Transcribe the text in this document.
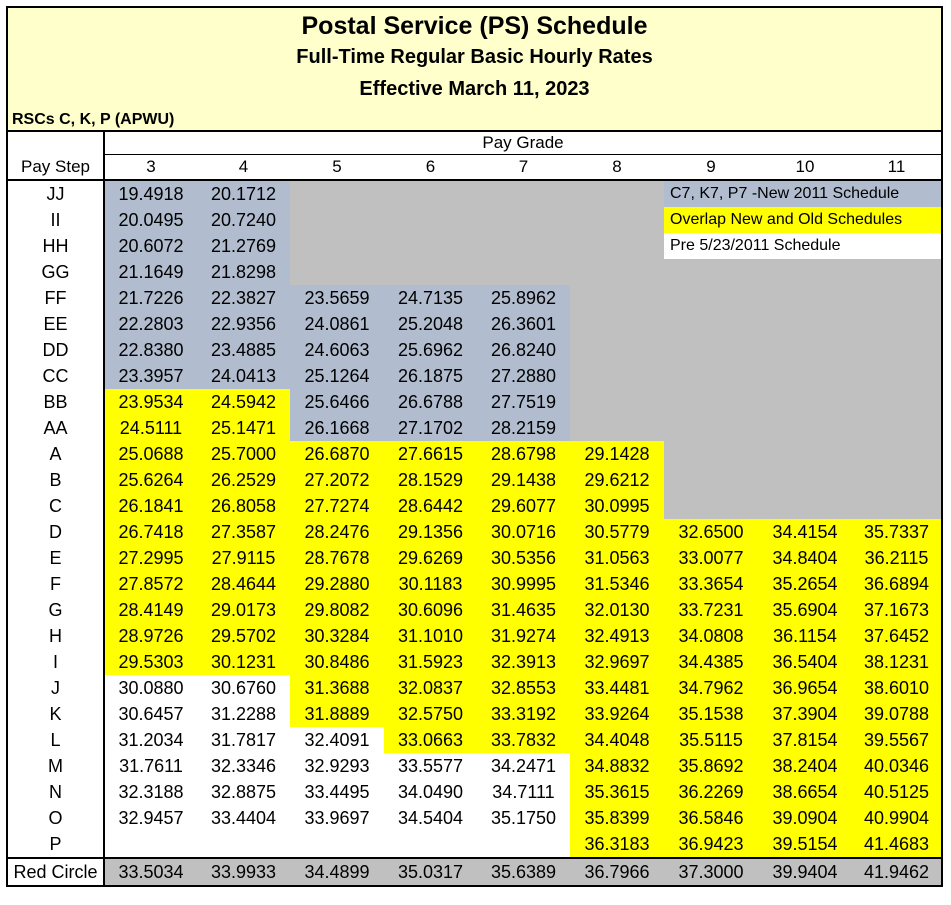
Postal Service (PS) Schedule
Full-Time Regular Basic Hourly Rates
Effective March 11, 2023
RSCs C, K, P (APWU)
	Pay Grade								
Pay Step	3	4	5	6	7	8	9	10	11
JJ	19.4918	20.1712					C7, K7, P7 -New 2011 Schedule		
II	20.0495	20.7240					Overlap New and Old Schedules		
HH	20.6072	21.2769					Pre 5/23/2011 Schedule		
GG	21.1649	21.8298							
FF	21.7226	22.3827	23.5659	24.7135	25.8962				
EE	22.2803	22.9356	24.0861	25.2048	26.3601				
DD	22.8380	23.4885	24.6063	25.6962	26.8240				
CC	23.3957	24.0413	25.1264	26.1875	27.2880				
BB	23.9534	24.5942	25.6466	26.6788	27.7519				
AA	24.5111	25.1471	26.1668	27.1702	28.2159				
A	25.0688	25.7000	26.6870	27.6615	28.6798	29.1428			
B	25.6264	26.2529	27.2072	28.1529	29.1438	29.6212			
C	26.1841	26.8058	27.7274	28.6442	29.6077	30.0995			
D	26.7418	27.3587	28.2476	29.1356	30.0716	30.5779	32.6500	34.4154	35.7337
E	27.2995	27.9115	28.7678	29.6269	30.5356	31.0563	33.0077	34.8404	36.2115
F	27.8572	28.4644	29.2880	30.1183	30.9995	31.5346	33.3654	35.2654	36.6894
G	28.4149	29.0173	29.8082	30.6096	31.4635	32.0130	33.7231	35.6904	37.1673
H	28.9726	29.5702	30.3284	31.1010	31.9274	32.4913	34.0808	36.1154	37.6452
I	29.5303	30.1231	30.8486	31.5923	32.3913	32.9697	34.4385	36.5404	38.1231
J	30.0880	30.6760	31.3688	32.0837	32.8553	33.4481	34.7962	36.9654	38.6010
K	30.6457	31.2288	31.8889	32.5750	33.3192	33.9264	35.1538	37.3904	39.0788
L	31.2034	31.7817	32.4091	33.0663	33.7832	34.4048	35.5115	37.8154	39.5567
M	31.7611	32.3346	32.9293	33.5577	34.2471	34.8832	35.8692	38.2404	40.0346
N	32.3188	32.8875	33.4495	34.0490	34.7111	35.3615	36.2269	38.6654	40.5125
O	32.9457	33.4404	33.9697	34.5404	35.1750	35.8399	36.5846	39.0904	40.9904
P						36.3183	36.9423	39.5154	41.4683
Red Circle	33.5034	33.9933	34.4899	35.0317	35.6389	36.7966	37.3000	39.9404	41.9462
